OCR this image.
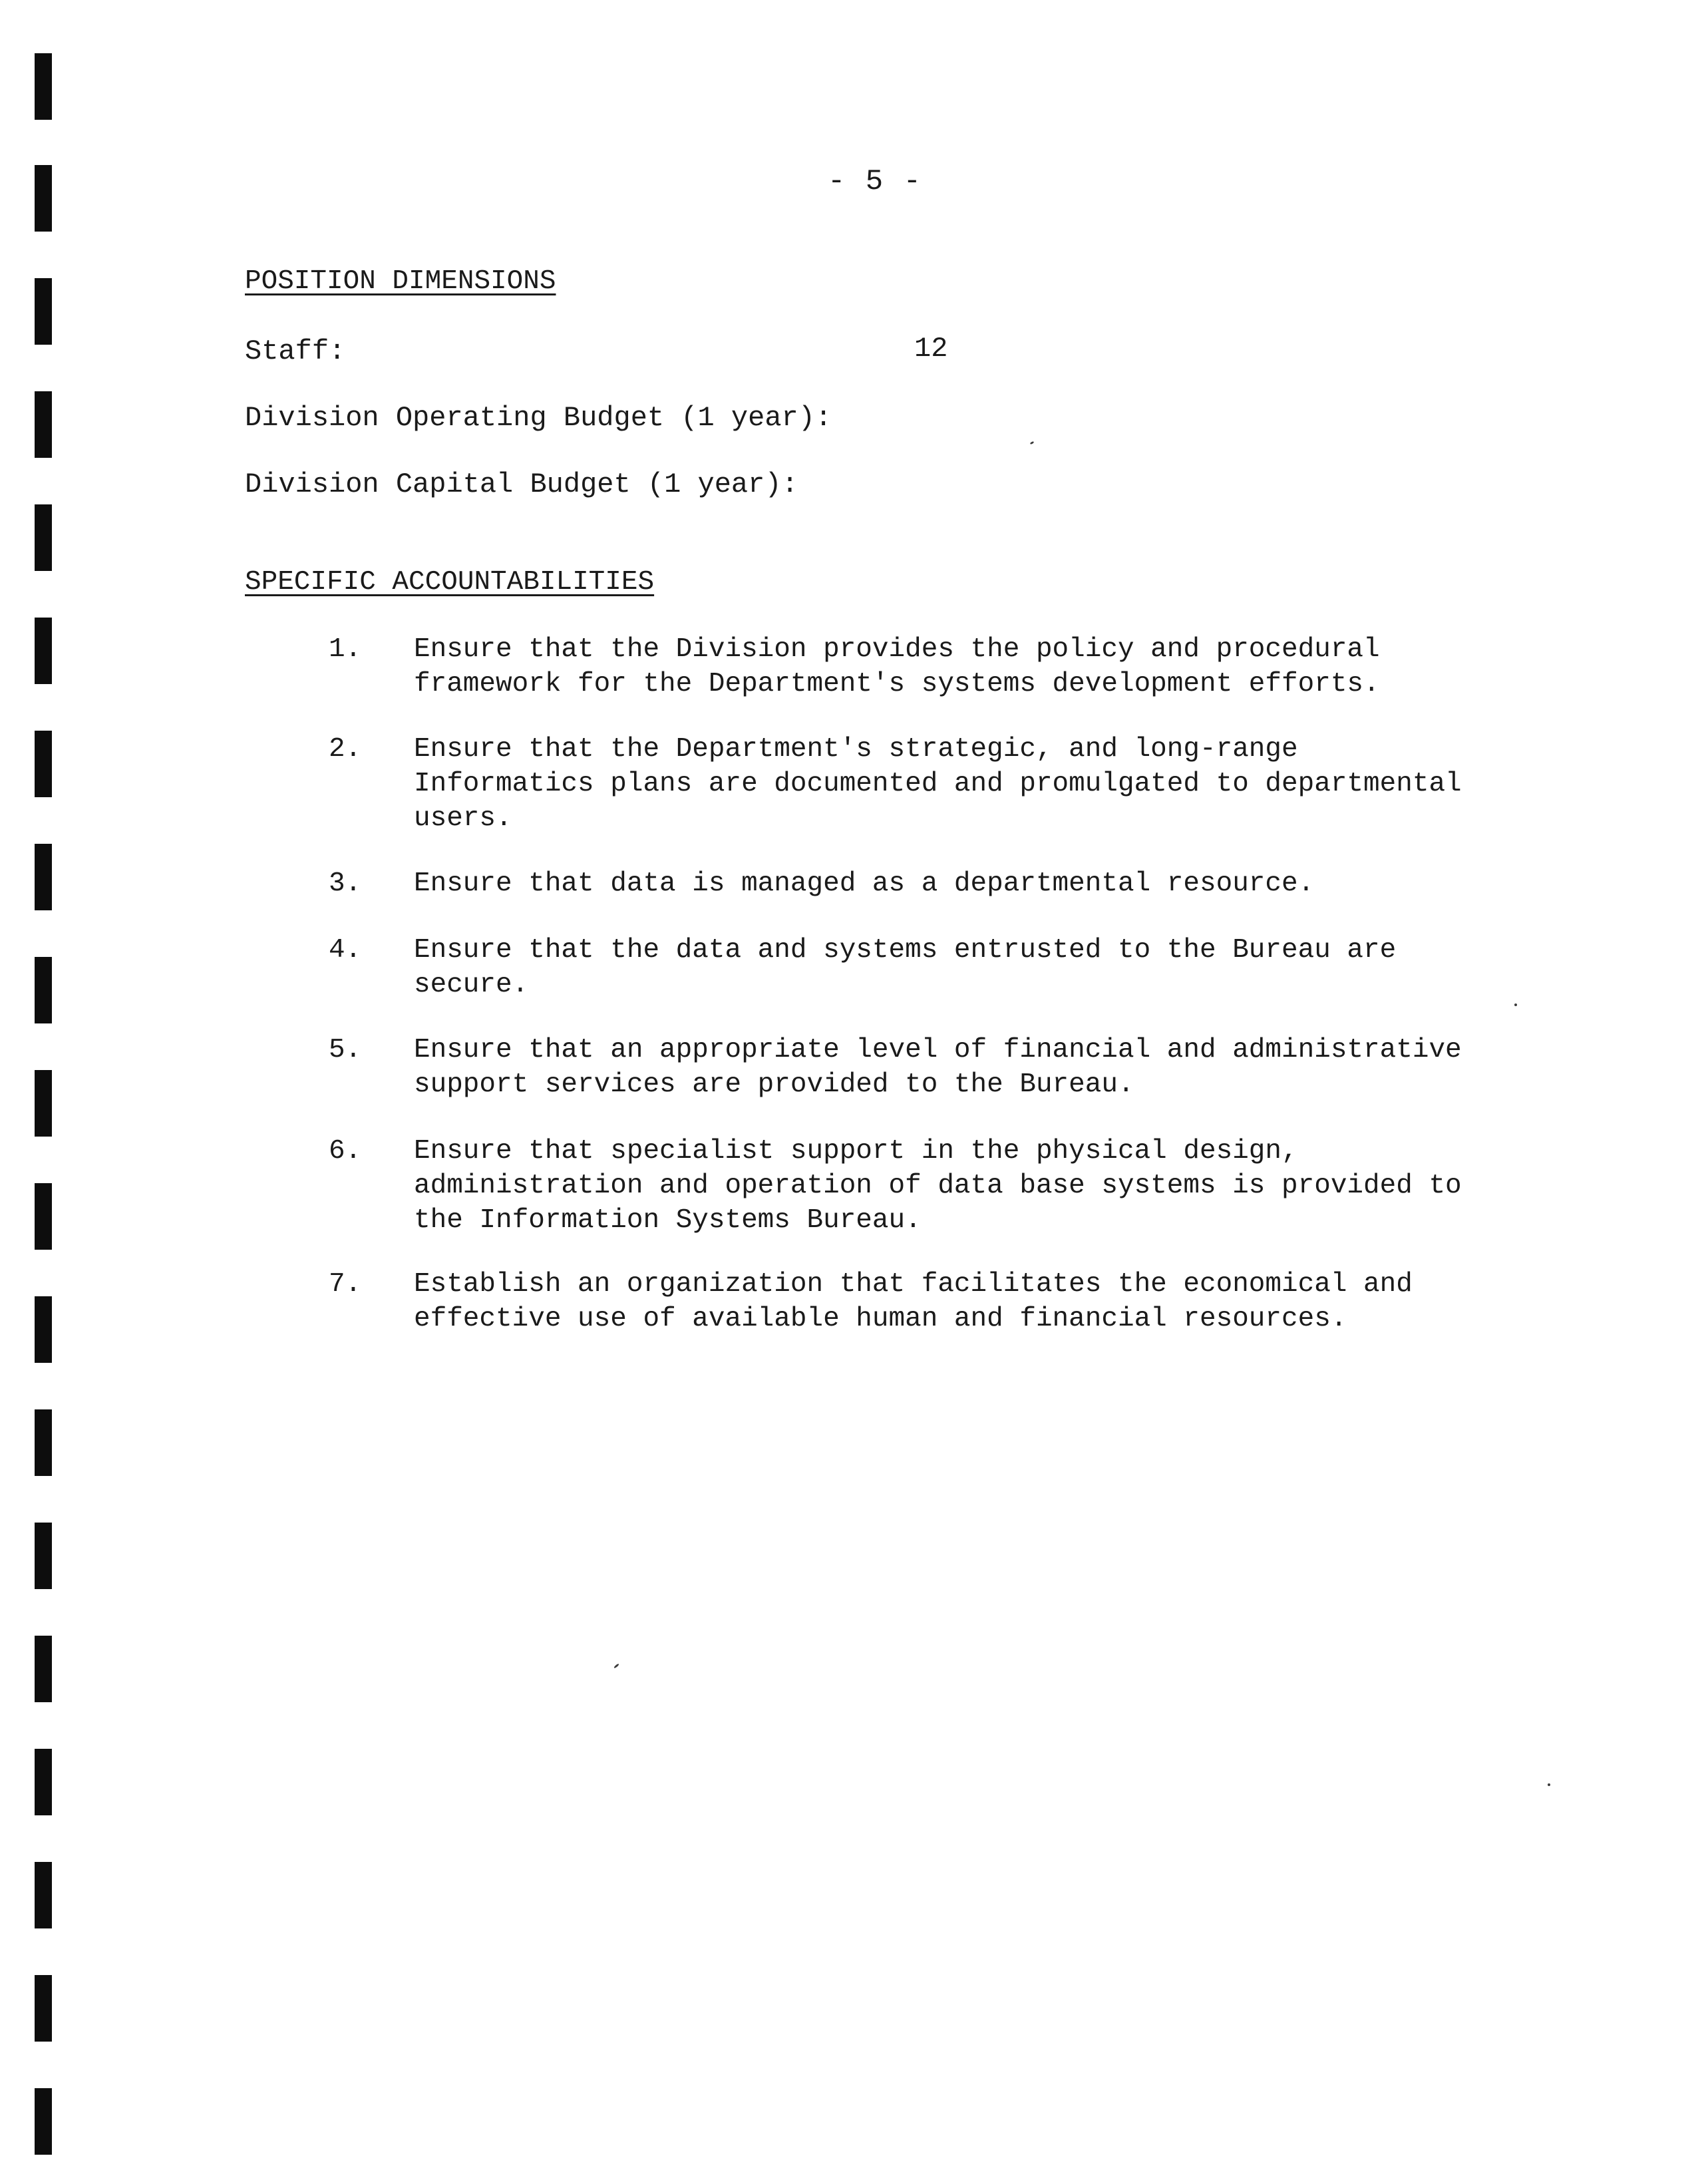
- 5 -
POSITION DIMENSIONS
Staff:	12
Division Operating Budget (1 year):
Division Capital Budget (1 year):
SPECIFIC ACCOUNTABILITIES
1.	Ensure that the Division provides the policy and procedural
framework for the Department's systems development efforts.
2.	Ensure that the Department's strategic, and long-range
Informatics plans are documented and promulgated to departmental
users.
3.	Ensure that data is managed as a departmental resource.
4.	Ensure that the data and systems entrusted to the Bureau are
secure.
5.	Ensure that an appropriate level of financial and administrative
support services are provided to the Bureau.
6.	Ensure that specialist support in the physical design,
administration and operation of data base systems is provided to
the Information Systems Bureau.
7.	Establish an organization that facilitates the economical and
effective use of available human and financial resources.
